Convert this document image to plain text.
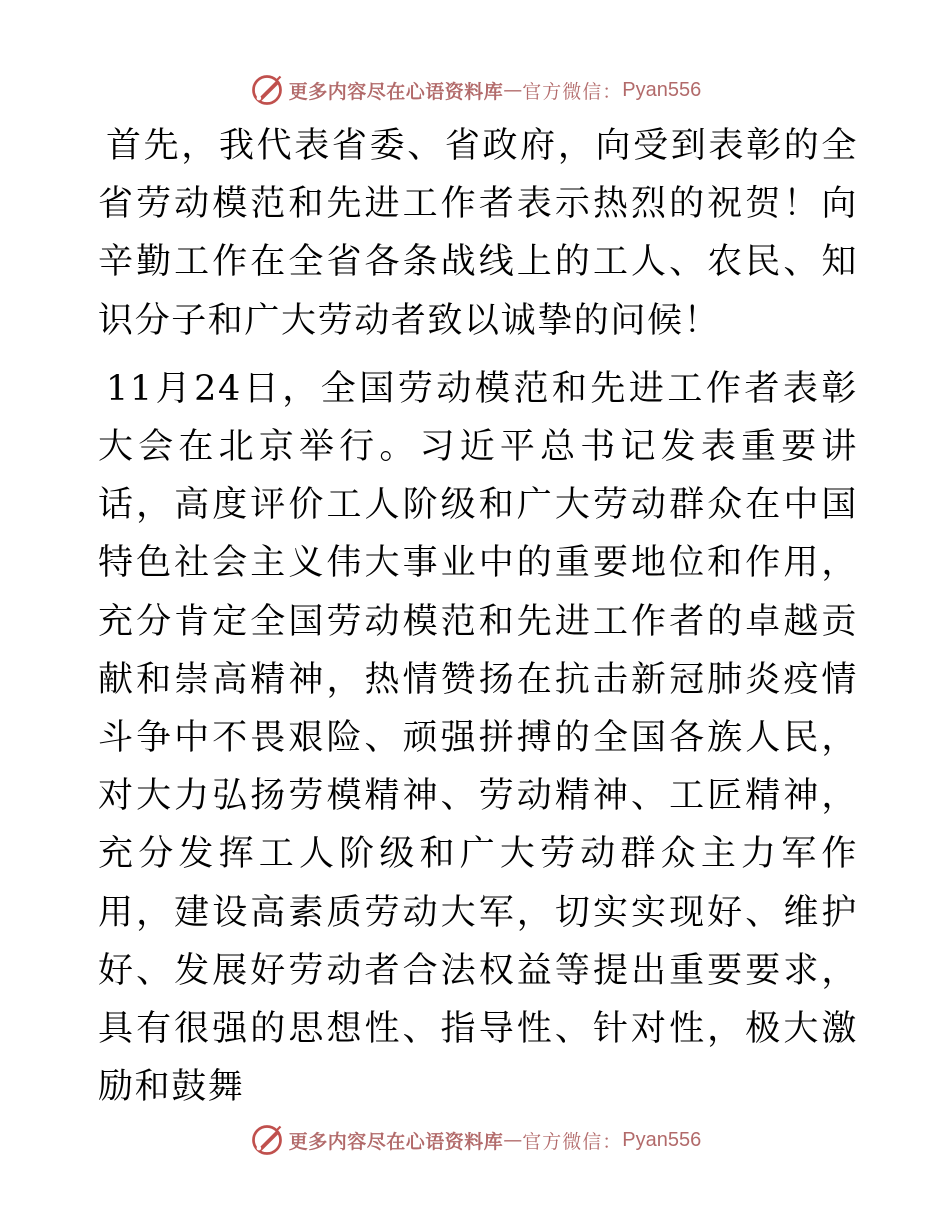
更多内容尽在心语资料库 — 官方微信： Pyan556

首先，我代表省委、省政府，向受到表彰的全省劳动模范和先进工作者表示热烈的祝贺！向辛勤工作在全省各条战线上的工人、农民、知识分子和广大劳动者致以诚挚的问候！

11月24日，全国劳动模范和先进工作者表彰大会在北京举行。习近平总书记发表重要讲话，高度评价工人阶级和广大劳动群众在中国特色社会主义伟大事业中的重要地位和作用，充分肯定全国劳动模范和先进工作者的卓越贡献和崇高精神，热情赞扬在抗击新冠肺炎疫情斗争中不畏艰险、顽强拼搏的全国各族人民，对大力弘扬劳模精神、劳动精神、工匠精神，充分发挥工人阶级和广大劳动群众主力军作用，建设高素质劳动大军，切实实现好、维护好、发展好劳动者合法权益等提出重要要求，具有很强的思想性、指导性、针对性，极大激励和鼓舞

更多内容尽在心语资料库 — 官方微信： Pyan556
